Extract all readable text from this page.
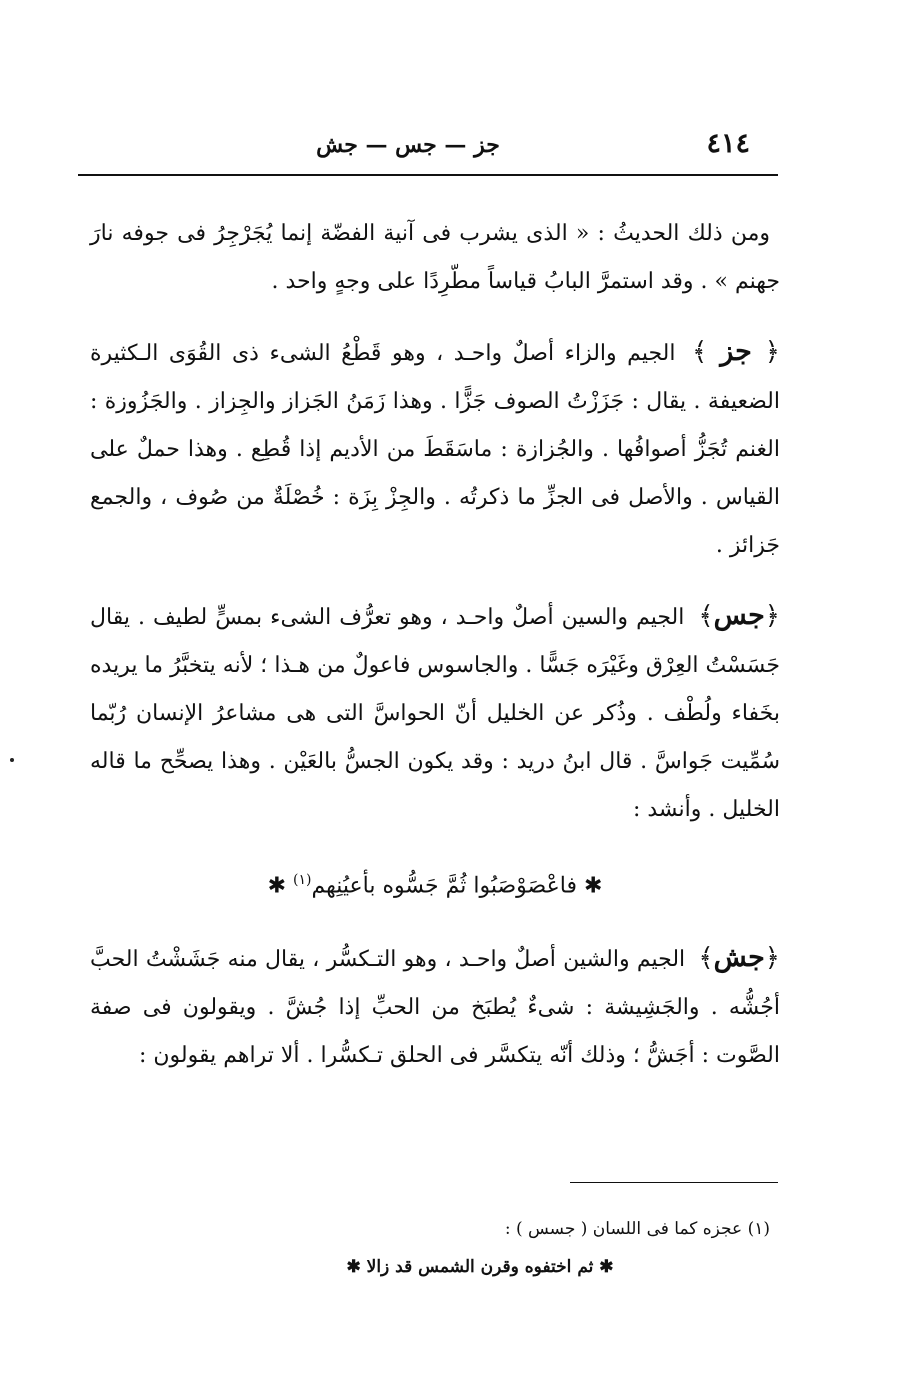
٤١٤
جز — جس — جش

ومن ذلك الحديثُ : « الذى يشرب فى آنية الفضّة إنما يُجَرْجِرُ فى جوفه نارَ جهنم » . وقد استمرَّ البابُ قياساً مطّرِدًا على وجهٍ واحد .

﴿ جز ﴾ الجيم والزاء أصلٌ واحـد ، وهو قَطْعُ الشىء ذى القُوَى الـكثيرة الضعيفة . يقال : جَزَزْتُ الصوف جَزًّا . وهذا زَمَنُ الجَزاز والجِزاز . والجَزُوزة : الغنم تُجَزُّ أصوافُها . والجُزازة : ماسَقَطَ من الأديم إذا قُطِع . وهذا حملٌ على القياس . والأصل فى الجزِّ ما ذكرتُه . والجِزْ بِزَة : خُصْلَةٌ من صُوف ، والجمع جَزائز .

﴿جس﴾ الجيم والسين أصلٌ واحـد ، وهو تعرُّف الشىء بمسٍّ لطيف . يقال جَسَسْتُ العِرْق وغَيْرَه جَسًّا . والجاسوس فاعولٌ من هـذا ؛ لأنه يتخبَّرُ ما يريده بخَفاء ولُطْف . وذُكر عن الخليل أنّ الحواسَّ التى هى مشاعرُ الإنسان رُبّما سُمِّيت جَواسَّ . قال ابنُ دريد : وقد يكون الجسُّ بالعَيْن . وهذا يصحِّح ما قاله الخليل . وأنشد :

✱ فاعْصَوْصَبُوا ثُمَّ جَسُّوه بأعيُنِهم$^{(١)}$ ✱

﴿جش﴾ الجيم والشين أصلٌ واحـد ، وهو التـكسُّر ، يقال منه جَشَشْتُ الحبَّ أجُشُّه . والجَشِيشة : شىءٌ يُطبَخ من الحبِّ إذا جُشَّ . ويقولون فى صفة الصَّوت : أجَشُّ ؛ وذلك أنّه يتكسَّر فى الحلق تـكسُّرا . ألا تراهم يقولون :

(١) عجزه كما فى اللسان ( جسس ) :
✱ ثم اختفوه وقرن الشمس قد زالا ✱
